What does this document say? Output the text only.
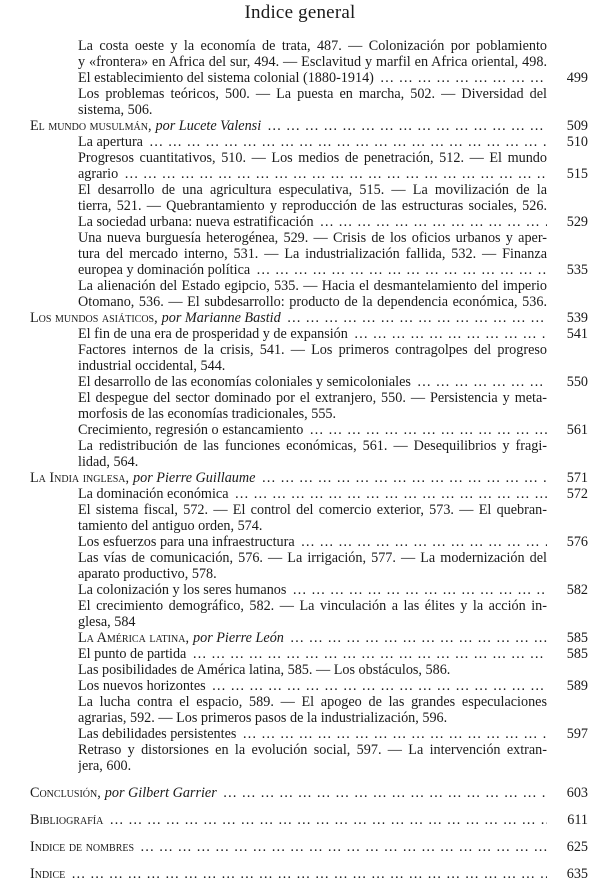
Indice general
La costa oeste y la economía de trata, 487. — Colonización por poblamiento
y «frontera» en Africa del sur, 494. — Esclavitud y marfil en Africa oriental, 498.
El establecimiento del sistema colonial (1880-1914) … … … … … … … … … … … … … … … … … … … … … … … … … … … … … … … … … … … … … … …	499
Los problemas teóricos, 500. — La puesta en marcha, 502. — Diversidad del
sistema, 506.
El mundo musulmán, por Lucete Valensi … … … … … … … … … … … … … … … … … … … … … … … … … … … … … … … … … … … … … … …	509
La apertura … … … … … … … … … … … … … … … … … … … … … … … … … … … … … … … … … … … … … … …	510
Progresos cuantitativos, 510. — Los medios de penetración, 512. — El mundo
agrario … … … … … … … … … … … … … … … … … … … … … … … … … … … … … … … … … … … … … … …	515
El desarrollo de una agricultura especulativa, 515. — La movilización de la
tierra, 521. — Quebrantamiento y reproducción de las estructuras sociales, 526.
La sociedad urbana: nueva estratificación … … … … … … … … … … … … … … … … … … … … … … … … … … … … … … … … … … … … … … …	529
Una nueva burguesía heterogénea, 529. — Crisis de los oficios urbanos y aper-
tura del mercado interno, 531. — La industrialización fallida, 532. — Finanza
europea y dominación política … … … … … … … … … … … … … … … … … … … … … … … … … … … … … … … … … … … … … … …	535
La alienación del Estado egipcio, 535. — Hacia el desmantelamiento del imperio
Otomano, 536. — El subdesarrollo: producto de la dependencia económica, 536.
Los mundos asiáticos, por Marianne Bastid … … … … … … … … … … … … … … … … … … … … … … … … … … … … … … … … … … … … … … …	539
El fin de una era de prosperidad y de expansión … … … … … … … … … … … … … … … … … … … … … … … … … … … … … … … … … … … … … … …	541
Factores internos de la crisis, 541. — Los primeros contragolpes del progreso
industrial occidental, 544.
El desarrollo de las economías coloniales y semicoloniales … … … … … … … … … … … … … … … … … … … … … … … … … … … … … … … … … … … … … … …	550
El despegue del sector dominado por el extranjero, 550. — Persistencia y meta-
morfosis de las economías tradicionales, 555.
Crecimiento, regresión o estancamiento … … … … … … … … … … … … … … … … … … … … … … … … … … … … … … … … … … … … … … …	561
La redistribución de las funciones económicas, 561. — Desequilibrios y fragi-
lidad, 564.
La India inglesa, por Pierre Guillaume … … … … … … … … … … … … … … … … … … … … … … … … … … … … … … … … … … … … … … …	571
La dominación económica … … … … … … … … … … … … … … … … … … … … … … … … … … … … … … … … … … … … … … …	572
El sistema fiscal, 572. — El control del comercio exterior, 573. — El quebran-
tamiento del antiguo orden, 574.
Los esfuerzos para una infraestructura … … … … … … … … … … … … … … … … … … … … … … … … … … … … … … … … … … … … … … …	576
Las vías de comunicación, 576. — La irrigación, 577. — La modernización del
aparato productivo, 578.
La colonización y los seres humanos … … … … … … … … … … … … … … … … … … … … … … … … … … … … … … … … … … … … … … …	582
El crecimiento demográfico, 582. — La vinculación a las élites y la acción in-
glesa, 584
La América latina, por Pierre León … … … … … … … … … … … … … … … … … … … … … … … … … … … … … … … … … … … … … … …	585
El punto de partida … … … … … … … … … … … … … … … … … … … … … … … … … … … … … … … … … … … … … … …	585
Las posibilidades de América latina, 585. — Los obstáculos, 586.
Los nuevos horizontes … … … … … … … … … … … … … … … … … … … … … … … … … … … … … … … … … … … … … … …	589
La lucha contra el espacio, 589. — El apogeo de las grandes especulaciones
agrarias, 592. — Los primeros pasos de la industrialización, 596.
Las debilidades persistentes … … … … … … … … … … … … … … … … … … … … … … … … … … … … … … … … … … … … … … …	597
Retraso y distorsiones en la evolución social, 597. — La intervención extran-
jera, 600.
Conclusión, por Gilbert Garrier … … … … … … … … … … … … … … … … … … … … … … … … … … … … … … … … … … … … … … …	603
Bibliografía … … … … … … … … … … … … … … … … … … … … … … … … … … … … … … … … … … … … … … …	611
Indice de nombres … … … … … … … … … … … … … … … … … … … … … … … … … … … … … … … … … … … … … … …	625
Indice … … … … … … … … … … … … … … … … … … … … … … … … … … … … … … … … … … … … … … …	635
